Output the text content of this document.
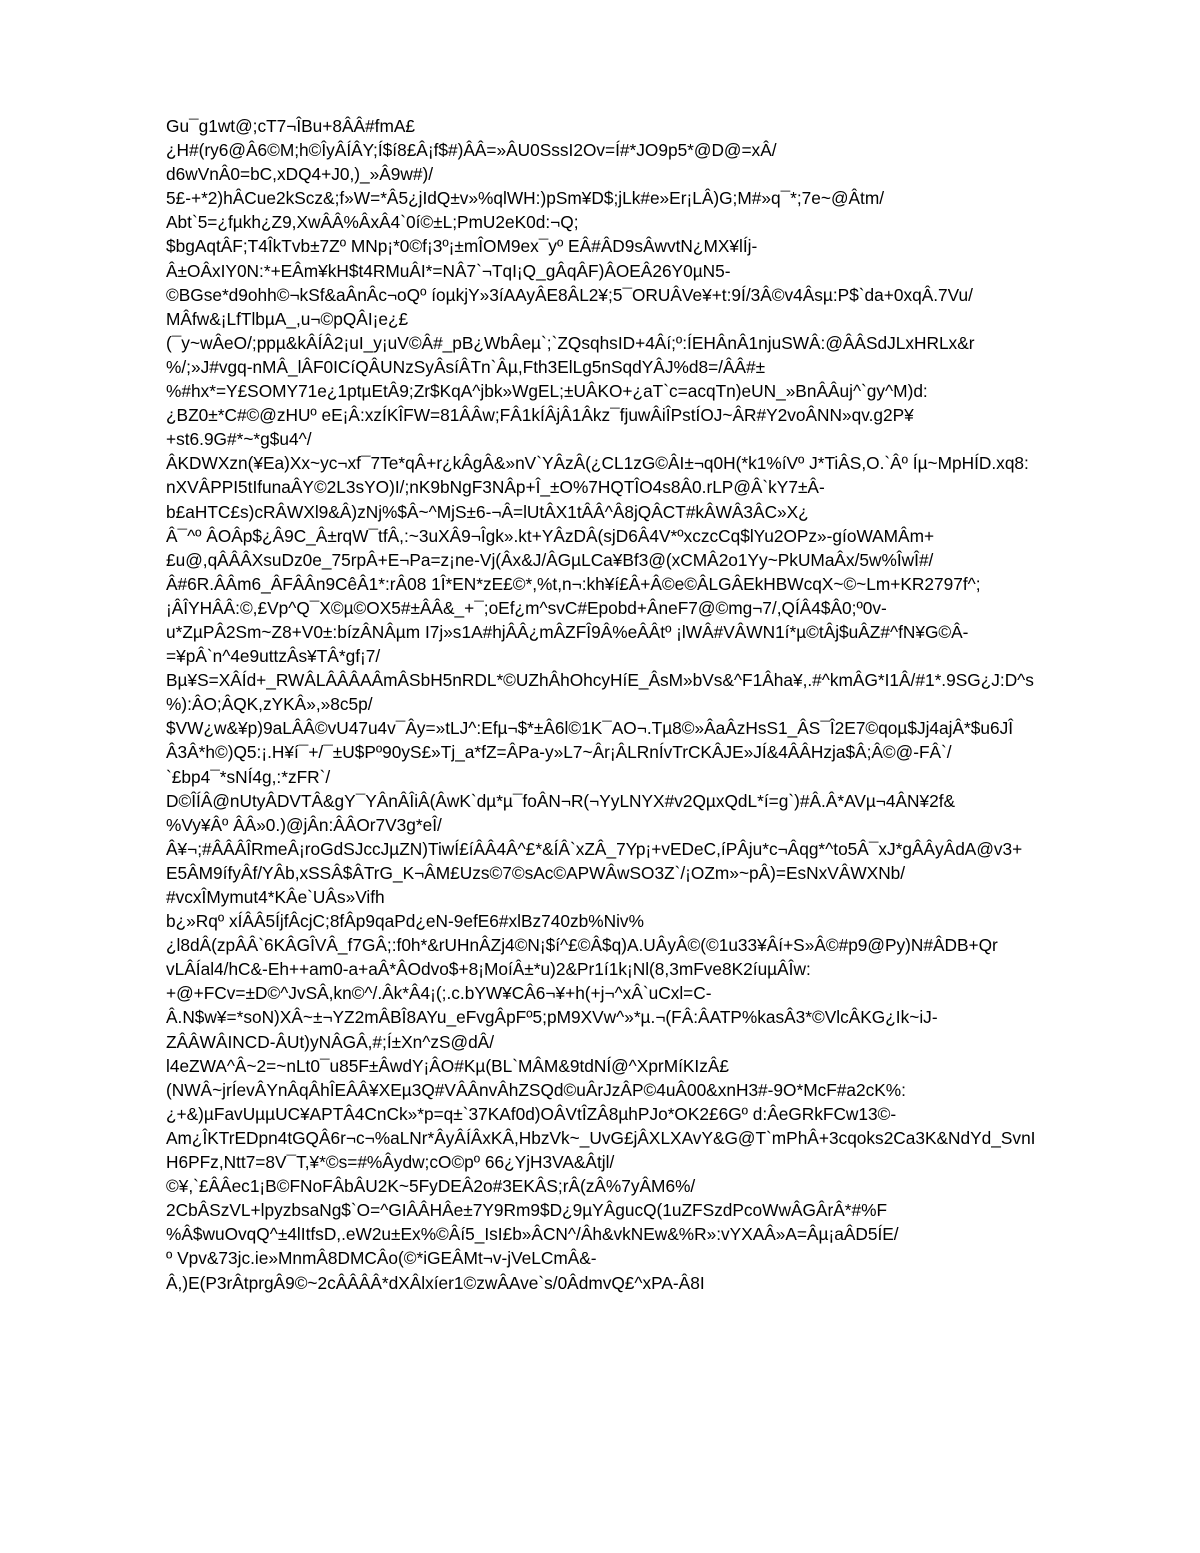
Gu¯g1wt@;cT7¬ÎBu+8ÂÂ#fmA£
¿H#(ry6@Â6©M;h©ÎyÂÍÂY;Í$í8£Â¡f$#)ÂÂ=»ÂU0SssI2Ov=Í#*JO9p5*@D@=xÂ/
d6wVnÂ0=bC,xDQ4+J0,)_»Â9w#)/
5£-+*2)hÂCue2kScz&;f»W=*Â5¿jIdQ±v»%qlWH:)pSm¥D$;jLk#e»Er¡LÂ)G;M#»q¯*;7e~@Âtm/
Abt`5=¿fµkh¿Z9,XwÂÂ%ÂxÂ4`0í©±L;PmU2eK0d:¬Q;
$bgAqtÂF;T4ÎkTvb±7Zº MNp¡*0©f¡3º¡±mÎOM9ex¯yº EÂ#ÂD9sÂwvtN¿MX¥lÍj-
Â±OÂxIY0N:*+EÂm¥kH$t4RMuÂI*=NÂ7`¬TqI¡Q_gÂqÂF)ÂOEÂ26Y0µN5-
©BGse*d9ohh©¬kSf&aÂnÂc¬oQº íoµkjY»3íAAyÂE8ÂL2¥;5¯ORUÂVe¥+t:9Í/3Â©v4Âsµ:P$`da+0xqÂ.7Vu/
MÂfw&¡LfTlbµA_,u¬©pQÂI¡e¿£
(¯y~wÂeO/;ppµ&kÂÍÂ2¡uI_y¡uV©Â#_pB¿WbÂeµ`;`ZQsqhsID+4Âí;º:ÍEHÂnÂ1njuSWÂ:@ÂÂSdJLxHRLx&r
%/;»J#vgq-nMÂ_lÂF0ICíQÂUNzSyÂsíÂTn`Âµ,Fth3ElLg5nSqdYÂJ%d8=/ÂÂ#±
%#hx*=Y£SOMY71e¿1ptµEtÂ9;Zr$KqA^jbk»WgEL;±UÂKO+¿aT`c=acqTn)eUN_»BnÂÂuj^`gy^M)d:
¿BZ0±*C#©@zHUº eE¡Â:xzÍKÎFW=81ÂÂw;FÂ1kÍÂjÂ1Âkz¯fjuwÂiÎPstÍOJ~ÂR#Y2voÂNN»qv.g2P¥
+st6.9G#*~*g$u4^/
ÂKDWXzn(¥Ea)Xx~yc¬xf¯7Te*qÂ+r¿kÂgÂ&»nV`YÂzÂ(¿CL1zG©ÂI±¬q0H(*k1%íVº J*TiÂS,O.`Âº Íµ~MpHÍD.xq8:
nXVÂPPI5tIfunaÂY©2L3sYO)I/;nK9bNgF3NÂp+Î_±O%7HQTÎO4s8Â0.rLP@Â`kY7±Â-
b£aHTC£s)cRÂWXl9&Â)zNj%$Â~^MjS±6-¬Â=lUtÂX1tÂÂ^Â8jQÂCT#kÂWÂ3ÂC»X¿
Â¯^º ÂOÂp$¿Â9C_Â±rqW¯tfÂ,:~3uXÂ9¬Îgk».kt+YÂzDÂ(sjD6Â4V*ºxczcCq$lYu2OPz»-gíoWAMÂm+
£u@,qÂÂÂXsuDz0e_75rpÂ+E¬Pa=z¡ne-Vj(Âx&J/ÂGµLCa¥Bf3@(xCMÂ2o1Yy~PkUMaÂx/5w%ÎwÎ#/
Â#6R.ÂÂm6_ÂFÂÂn9CêÂ1*:rÂ08 1Î*EN*zE£©*,%t,n¬:kh¥í£Â+Â©e©ÂLGÂEkHBWcqX~©~Lm+KR2797f^;
¡ÂÎYHÂÂ:©,£Vp^Q¯X©µ©OX5#±ÂÂ&_+¯;oEf¿m^svC#Epobd+ÂneF7@©mg¬7/,QÍÂ4$Â0;º0v-
u*ZµPÂ2Sm~Z8+V0±:bízÂNÂµm I7j»s1A#hjÂÂ¿mÂZFÎ9Â%eÂÂtº ¡lWÂ#VÂWN1í*µ©tÂj$uÂZ#^fN¥G©Â-
=¥pÂ`n^4e9uttzÂs¥TÂ*gf¡7/
Bµ¥S=XÂÍd+_RWÂLÂÂÂAÂmÂSbH5nRDL*©UZhÂhOhcyHíE_ÂsM»bVs&^F1Âha¥,.#^kmÂG*I1Â/#1*.9SG¿J:D^s
%):ÂO;ÂQK,zYKÂ»,»8c5p/
$VW¿w&¥p)9aLÂÂ©vU47u4v¯Ây=»tLJ^:Efµ¬$*±Â6l©1K¯AO¬.Tµ8©»ÂaÂzHsS1_ÂS¯Î2E7©qoµ$Jj4ajÂ*$u6JÎ
Â3Â*h©)Q5:¡.H¥í¯+/¯±U$Pº90yS£»Tj_a*fZ=ÂPa-y»L7~Âr¡ÂLRnÍvTrCKÂJE»JÍ&4ÂÂHzja$Â;Â©@-FÂ`/
`£bp4¯*sNÍ4g,:*zFR`/
D©ÎÍÂ@nUtyÂDVTÂ&gY¯YÂnÂÎiÂ(ÂwK`dµ*µ¯foÂN¬R(¬YyLNYX#v2QµxQdL*í=g`)#Â.Â*AVµ¬4ÂN¥2f&
%Vy¥Âº ÂÂ»0.)@jÂn:ÂÂOr7V3g*eÎ/
Â¥¬;#ÂÂÂÎRmeÂ¡roGdSJccJµZN)TiwÍ£íÂÂ4Â^£*&ÍÂ`xZÂ_7Yp¡+vEDeC,íPÂju*c¬Âqg*^to5Â¯xJ*gÂÂyÂdA@v3+
E5ÂM9ífyÂf/YÂb,xSSÂ$ÂTrG_K¬ÂM£Uzs©7©sAc©APWÂwSO3Z`/¡OZm»~pÂ)=EsNxVÂWXNb/
#vcxÎMymut4*KÂe`UÂs»Vifh
b¿»Rqº xÍÂÂ5ÍjfÂcjC;8fÂp9qaPd¿eN-9efE6#xlBz740zb%Niv%
¿l8dÂ(zpÂÂ`6KÂGÎVÂ_f7GÂ;:f0h*&rUHnÂZj4©N¡$í^£©Â$q)A.UÂyÂ©(©1u33¥Âí+S»Â©#p9@Py)N#ÂDB+Qr
vLÂÍal4/hC&-Eh++am0-a+aÂ*ÂOdvo$+8¡MoíÂ±*u)2&Pr1í1k¡Nl(8,3mFve8K2íuµÂÎw:
+@+FCv=±D©^JvSÂ,kn©^/.Âk*Â4¡(;.c.bYW¥CÂ6¬¥+h(+j¬^xÂ`uCxl=C-
Â.N$w¥=*soN)XÂ~±¬YZ2mÂBÎ8AYu_eFvgÂpFº5;pM9XVw^»*µ.¬(FÂ:ÂATP%kasÂ3*©VlcÂKG¿Ik~iJ-
ZÂÂWÂINCD-ÂUt)yNÂGÂ,#;Í±Xn^zS@dÂ/
l4eZWA^Â~2=~nLt0¯u85F±ÂwdY¡ÂO#Kµ(BL`MÂM&9tdNÍ@^XprMíKIzÂ£
(NWÂ~jrÍevÂYnÂqÂhÎEÂÂ¥XEµ3Q#VÂÂnvÂhZSQd©uÂrJzÂP©4uÂ00&xnH3#-9O*McF#a2cK%:
¿+&)µFavUµµUC¥APTÂ4CnCk»*p=q±`37KAf0d)OÂVtÎZÂ8µhPJo*OK2£6Gº d:ÂeGRkFCw13©-
Am¿ÎKTrEDpn4tGQÂ6r¬c¬%aLNr*ÂyÂÍÂxKÂ,HbzVk~_UvG£jÂXLXAvY&G@T`mPhÂ+3cqoks2Ca3K&NdYd_SvnI
H6PFz,Ntt7=8V¯T,¥*©s=#%Âydw;cO©pº 66¿YjH3VA&Âtjl/
©¥,`£ÂÂec1¡B©FNoFÂbÂU2K~5FyDEÂ2o#3EKÂS;rÂ(zÂ%7yÂM6%/
2CbÂSzVL+lpyzbsaNg$`O=^GIÂÂHÂe±7Y9Rm9$D¿9µYÂgucQ(1uZFSzdPcoWwÂGÂrÂ*#%F
%Â$wuOvqQ^±4lItfsD,.eW2u±Ex%©Âí5_IsI£b»ÂCN^/Âh&vkNEw&%R»:vYXAÂ»A=Âµ¡aÂD5ÍE/
º Vpv&73jc.ie»MnmÂ8DMCÂo(©*iGEÂMt¬v-jVeLCmÂ&-
Â,)E(P3rÂtprgÂ9©~2cÂÂÂÂ*dXÂlxíer1©zwÂAve`s/0ÂdmvQ£^xPA-Â8I
